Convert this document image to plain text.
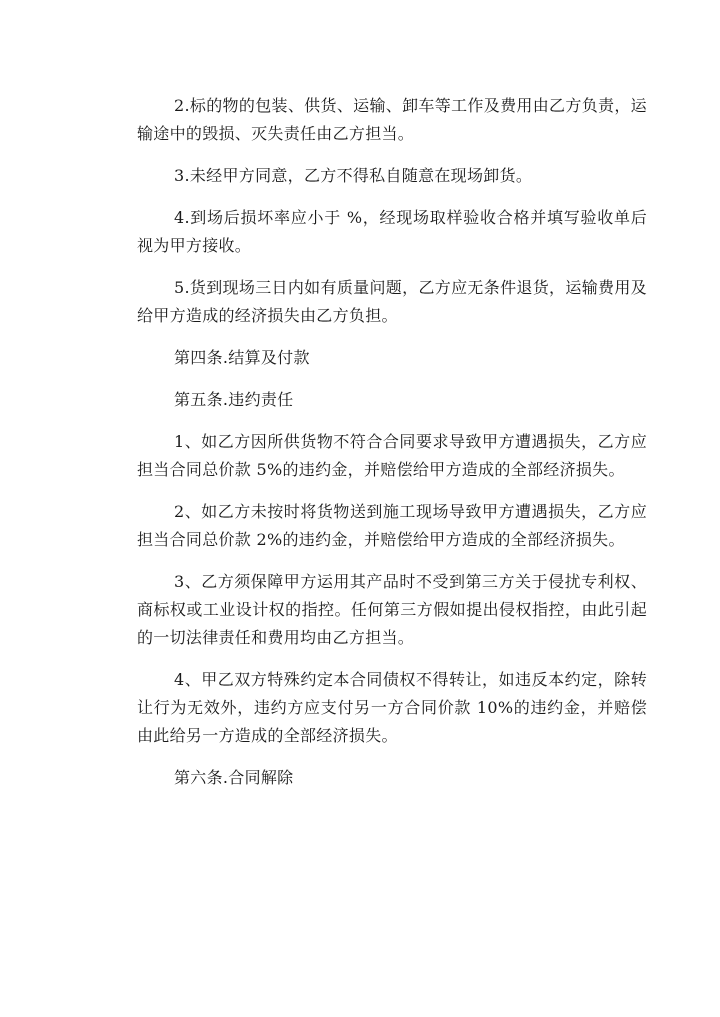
2.标的物的包装、供货、运输、卸车等工作及费用由乙方负责，运输途中的毁损、灭失责任由乙方担当。

3.未经甲方同意，乙方不得私自随意在现场卸货。

4.到场后损坏率应小于 %，经现场取样验收合格并填写验收单后视为甲方接收。

5.货到现场三日内如有质量问题，乙方应无条件退货，运输费用及给甲方造成的经济损失由乙方负担。

第四条.结算及付款

第五条.违约责任

1、如乙方因所供货物不符合合同要求导致甲方遭遇损失，乙方应担当合同总价款 5%的违约金，并赔偿给甲方造成的全部经济损失。

2、如乙方未按时将货物送到施工现场导致甲方遭遇损失，乙方应担当合同总价款 2%的违约金，并赔偿给甲方造成的全部经济损失。

3、乙方须保障甲方运用其产品时不受到第三方关于侵扰专利权、商标权或工业设计权的指控。任何第三方假如提出侵权指控，由此引起的一切法律责任和费用均由乙方担当。

4、甲乙双方特殊约定本合同债权不得转让，如违反本约定，除转让行为无效外，违约方应支付另一方合同价款 10%的违约金，并赔偿由此给另一方造成的全部经济损失。

第六条.合同解除
